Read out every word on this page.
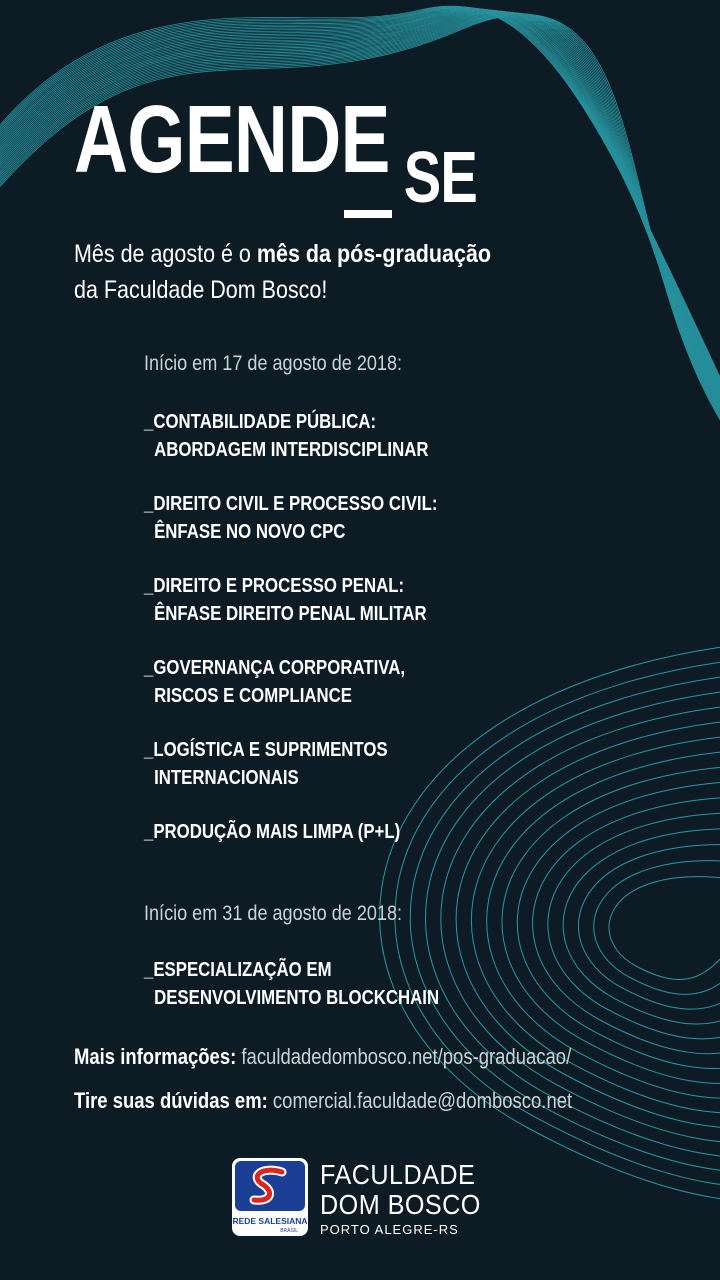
AGENDE SE
Mês de agosto é o mês da pós-graduação
da Faculdade Dom Bosco!
Início em 17 de agosto de 2018:
_CONTABILIDADE PÚBLICA:
ABORDAGEM INTERDISCIPLINAR
_DIREITO CIVIL E PROCESSO CIVIL:
ÊNFASE NO NOVO CPC
_DIREITO E PROCESSO PENAL:
ÊNFASE DIREITO PENAL MILITAR
_GOVERNANÇA CORPORATIVA,
RISCOS E COMPLIANCE
_LOGÍSTICA E SUPRIMENTOS
INTERNACIONAIS
_PRODUÇÃO MAIS LIMPA (P+L)
Início em 31 de agosto de 2018:
_ESPECIALIZAÇÃO EM
DESENVOLVIMENTO BLOCKCHAIN
Mais informações: faculdadedombosco.net/pos-graduacao/
Tire suas dúvidas em: comercial.faculdade@dombosco.net
REDE SALESIANA
BRASIL
FACULDADE
DOM BOSCO
PORTO ALEGRE-RS
